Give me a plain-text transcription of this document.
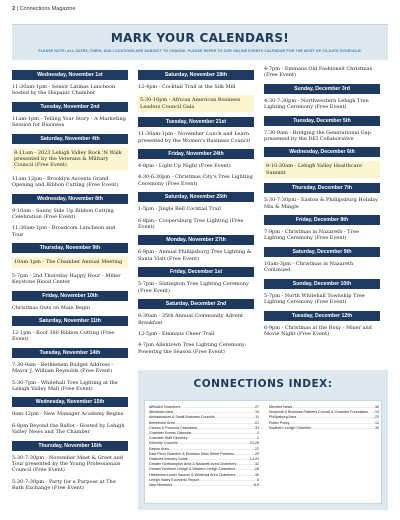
2 | Connections Magazine
MARK YOUR CALENDARS!
PLEASE NOTE: ALL DATES, TIMES, AND LOCATIONS ARE SUBJECT TO CHANGE. PLEASE REFER TO OUR ONLINE EVENTS CALENDAR FOR THE MOST UP-TO-DATE SCHEDULE!
Wednesday, November 1st
11:30am-1pm - Senior Latinas Luncheon hosted by the Hispanic Chamber
Tuesday, November 2nd
11am-1pm - Telling Your Story - A Marketing Session for Business
Saturday, November 4th
8-11am - 2023 Lehigh Valley Rock 'N Walk presented by the Veterans & Military Council (Free Event)
11am-12pm - Brooklyn Ascents Grand Opening and Ribbon Cutting (Free Event)
Wednesday, November 8th
9-10am - Sunny Side Up Ribbon Cutting Celebration (Free Event)
11:30am-1pm - Broadcom Luncheon and Tour
Thursday, November 9th
10am-1pm - The Chamber Annual Meeting
5-7pm - 2nd Thursday Happy Hour - Miller Keystone Blood Center
Friday, November 10th
Christmas Outs on Main Begin
Saturday, November 11th
12-1pm - Roof 360 Ribbon Cutting (Free Event)
Tuesday, November 14th
7:30-9am - Bethlehem Budget Address - Mayor J. William Reynolds (Free Event)
5:30-7pm - Whitehall Tree Lighting at the Lehigh Valley Mall (Free Event)
Wednesday, November 15th
9am-12pm - New Manager Academy Begins
6-8pm Beyond the Ballot - Hosted by Lehigh Valley News and The Chamber
Thursday, November 16th
5:30-7:30pm - November Meet & Greet and Tour presented by the Young Professionals Council (Free Event)
5:30-7:30pm - Party for a Purpose at The Bath Exchange (Free Event)
Saturday, November 18th
12-4pm - Cocktail Trail at the Silk Mill
5:30-10pm - African American Business Leaders Council Gala
Tuesday, November 21st
11:30am-1pm - November Lunch and Learn presented by the Women's Business Council
Friday, November 24th
4-8pm - Light Up Night (Free Event)
4:30-6:30pm - Christmas City's Tree Lighting Ceremony (Free Event)
Saturday, November 25th
1-5pm - Jingle Bell Cocktail Trail
6-8pm - Coopersburg Tree Lighting (Free Event)
Monday, November 27th
6-9pm - Annual Phillipsburg Tree Lighting & Santa Visit (Free Event)
Friday, December 1st
5-7pm - Slatington Tree Lighting Ceremony (Free Event)
Saturday, December 2nd
8:30am - 35th Annual Community Advent Breakfast
12-5pm - Emmaus Cheer Trail
4-7pm Allentown Tree Lighting Ceremony: Powering the Season (Free Event)
4-7pm - Emmaus Old Fashioned Christmas (Free Event)
Sunday, December 3rd
4:30-7:30pm - Northwestern Lehigh Tree Lighting Ceremony (Free Event)
Tuesday, December 5th
7:30-9am - Bridging the Generational Gap presented by the DEI Collaborative
Wednesday, December 6th
8-10:30am - Lehigh Valley Healthcare Summit
Thursday, December 7th
5:30-7:30pm - Easton & Phillipsburg Holiday Mix & Mingle
Friday, December 8th
7-9pm - Christmas in Nazareth - Tree Lighting Ceremony (Free Event)
Saturday, December 9th
10am-3pm - Christmas in Nazareth Continued
Sunday, December 10th
5-7pm - North Whitehall Township Tree Lighting Ceremony (Free Event)
Tuesday, December 12th
6-9pm - Christmas at the Roxy - Mixer and Movie Night (Free Event)
CONNECTIONS INDEX:
Affiliated Chambers .....	27
Allentown Area .....	10
Ambassadors & Small Business Councils .....	11
Bethlehem Area .....	21
Carbon & Poconos Chambers .....	33
Chamber Events Calendar .....	2
Chamber Staff Directory .....	1
Diversity Councils .....	24-26
Easton Area .....	22
East Penn Chamber & Emmaus Main Street Partners .....	29
Featured Industry Guide .....	14-20
Greater Northampton Area & Nazareth Area Chambers .....	32
Greater Northern Lehigh & Western Lehigh Chambers .....	28
Hellertown-Lower Saucon & Whitehall Area Chambers .....	30
Lehigh Valley Economic Report .....	6
New Members .....	8-9
Member News .....	36
Nonprofit & Business Partners Council & Chamber Foundation ..... 13
Phillipsburg Area .....	23
Public Policy .....	12
Southern Lehigh Chamber .....	30
